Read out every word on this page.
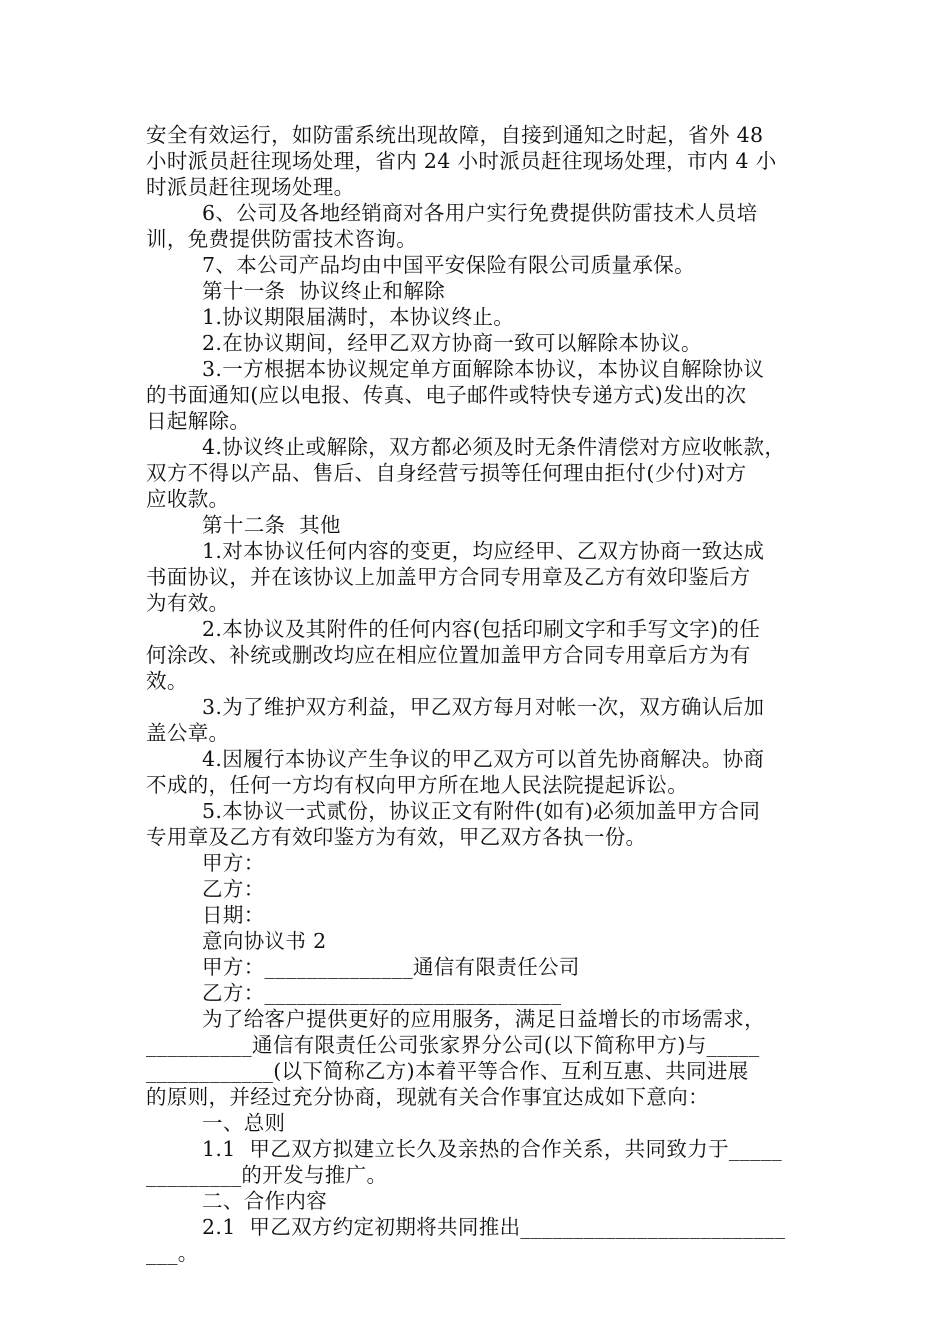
安全有效运行，如防雷系统出现故障，自接到通知之时起，省外 48
小时派员赶往现场处理，省内 24 小时派员赶往现场处理，市内 4 小
时派员赶往现场处理。
6、公司及各地经销商对各用户实行免费提供防雷技术人员培
训，免费提供防雷技术咨询。
7、本公司产品均由中国平安保险有限公司质量承保。
第十一条  协议终止和解除
1.协议期限届满时，本协议终止。
2.在协议期间，经甲乙双方协商一致可以解除本协议。
3.一方根据本协议规定单方面解除本协议，本协议自解除协议
的书面通知(应以电报、传真、电子邮件或特快专递方式)发出的次
日起解除。
4.协议终止或解除，双方都必须及时无条件清偿对方应收帐款，
双方不得以产品、售后、自身经营亏损等任何理由拒付(少付)对方
应收款。
第十二条  其他
1.对本协议任何内容的变更，均应经甲、乙双方协商一致达成
书面协议，并在该协议上加盖甲方合同专用章及乙方有效印鉴后方
为有效。
2.本协议及其附件的任何内容(包括印刷文字和手写文字)的任
何涂改、补统或删改均应在相应位置加盖甲方合同专用章后方为有
效。
3.为了维护双方利益，甲乙双方每月对帐一次，双方确认后加
盖公章。
4.因履行本协议产生争议的甲乙双方可以首先协商解决。协商
不成的，任何一方均有权向甲方所在地人民法院提起诉讼。
5.本协议一式贰份，协议正文有附件(如有)必须加盖甲方合同
专用章及乙方有效印鉴方为有效，甲乙双方各执一份。
甲方：
乙方：
日期：
意向协议书 2
甲方：______________通信有限责任公司
乙方：____________________________
为了给客户提供更好的应用服务，满足日益增长的市场需求，
__________通信有限责任公司张家界分公司(以下简称甲方)与_____
____________(以下简称乙方)本着平等合作、互利互惠、共同进展
的原则，并经过充分协商，现就有关合作事宜达成如下意向：
一、总则
1.1  甲乙双方拟建立长久及亲热的合作关系，共同致力于_____
_________的开发与推广。
二、合作内容
2.1  甲乙双方约定初期将共同推出_________________________
___。
